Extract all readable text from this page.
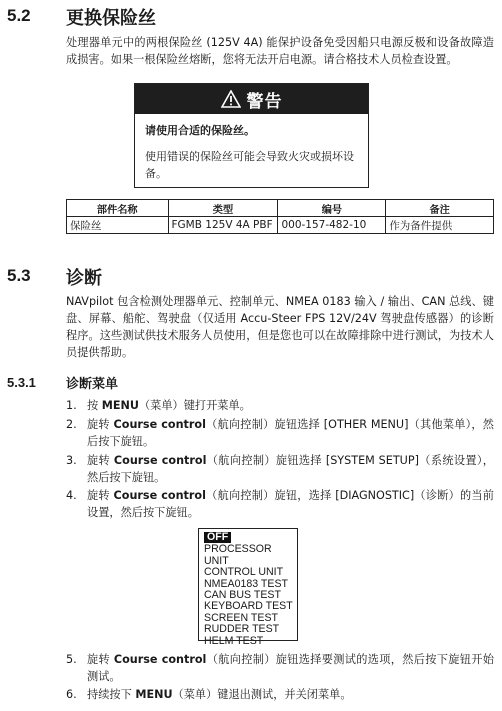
5.2 更换保险丝
处理器单元中的两根保险丝 (125V 4A) 能保护设备免受因船只电源反极和设备故障造成损害。如果一根保险丝熔断，您将无法开启电源。请合格技术人员检查设置。
警告
请使用合适的保险丝。
使用错误的保险丝可能会导致火灾或损坏设备。
部件名称	类型	编号	备注
保险丝	FGMB 125V 4A PBF	000-157-482-10	作为备件提供
5.3 诊断
NAVpilot 包含检测处理器单元、控制单元、NMEA 0183 输入 / 输出、CAN 总线、键盘、屏幕、船舵、驾驶盘（仅适用 Accu-Steer FPS 12V/24V 驾驶盘传感器）的诊断程序。这些测试供技术服务人员使用，但是您也可以在故障排除中进行测试，为技术人员提供帮助。
5.3.1 诊断菜单
1. 按 MENU（菜单）键打开菜单。
2. 旋转 Course control（航向控制）旋钮选择 [OTHER MENU]（其他菜单），然后按下旋钮。
3. 旋转 Course control（航向控制）旋钮选择 [SYSTEM SETUP]（系统设置），然后按下旋钮。
4. 旋转 Course control（航向控制）旋钮，选择 [DIAGNOSTIC]（诊断）的当前设置，然后按下旋钮。
OFF
PROCESSOR UNIT
CONTROL UNIT
NMEA0183 TEST
CAN BUS TEST
KEYBOARD TEST
SCREEN TEST
RUDDER TEST
HELM TEST
5. 旋转 Course control（航向控制）旋钮选择要测试的选项，然后按下旋钮开始测试。
6. 持续按下 MENU（菜单）键退出测试，并关闭菜单。
